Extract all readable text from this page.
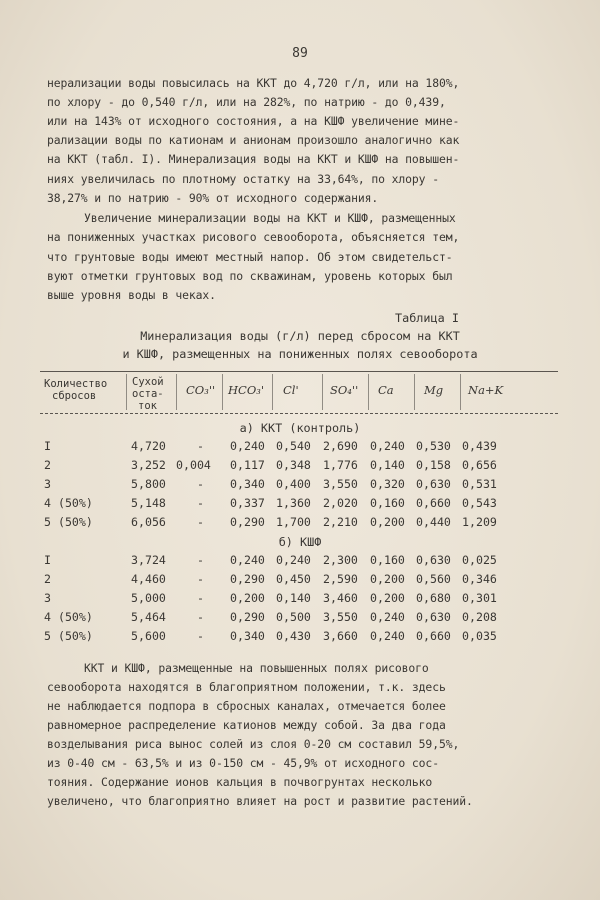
89
нерализации воды повысилась на ККТ до 4,720 г/л, или на 180%,
по хлору - до 0,540 г/л, или на 282%, по натрию - до 0,439,
или на 143% от исходного состояния, а на КШФ увеличение мине-
рализации воды по катионам и анионам произошло аналогично как
на ККТ (табл. I). Минерализация воды на ККТ и КШФ на повышен-
ниях увеличилась по плотному остатку на 33,64%, по хлору -
38,27% и по натрию - 90% от исходного содержания.
Увеличение минерализации воды на ККТ и КШФ, размещенных
на пониженных участках рисового севооборота, объясняется тем,
что грунтовые воды имеют местный напор. Об этом свидетельст-
вуют отметки грунтовых вод по скважинам, уровень которых был
выше уровня воды в чеках.
Таблица I
Минерализация воды (г/л) перед сбросом на ККТ
и КШФ, размещенных на пониженных полях севооборота
Количество
сбросов
Сухой
остa-
ток
CO₃'' HCO₃' Cl'	SO₄'' Ca	Mg Na+K
а) ККТ (контроль)
I	4,720	- 0,240 0,540 2,690 0,240 0,530 0,439
2	3,252 0,004 0,117 0,348 1,776 0,140 0,158 0,656
3	5,800	- 0,340 0,400 3,550 0,320 0,630 0,531
4 (50%)	5,148	- 0,337 1,360 2,020 0,160 0,660 0,543
5 (50%)	6,056	- 0,290 1,700 2,210 0,200 0,440 1,209
б) КШФ
I	3,724	- 0,240 0,240 2,300 0,160 0,630 0,025
2	4,460	- 0,290 0,450 2,590 0,200 0,560 0,346
3	5,000	- 0,200 0,140 3,460 0,200 0,680 0,301
4 (50%)	5,464	- 0,290 0,500 3,550 0,240 0,630 0,208
5 (50%)	5,600	- 0,340 0,430 3,660 0,240 0,660 0,035
ККТ и КШФ, размещенные на повышенных полях рисового
севооборота находятся в благоприятном положении, т.к. здесь
не наблюдается подпора в сбросных каналах, отмечается более
равномерное распределение катионов между собой. За два года
возделывания риса вынос солей из слоя 0-20 см составил 59,5%,
из 0-40 см - 63,5% и из 0-150 см - 45,9% от исходного сос-
тояния. Содержание ионов кальция в почвогрунтах несколько
увеличено, что благоприятно влияет на рост и развитие растений.
